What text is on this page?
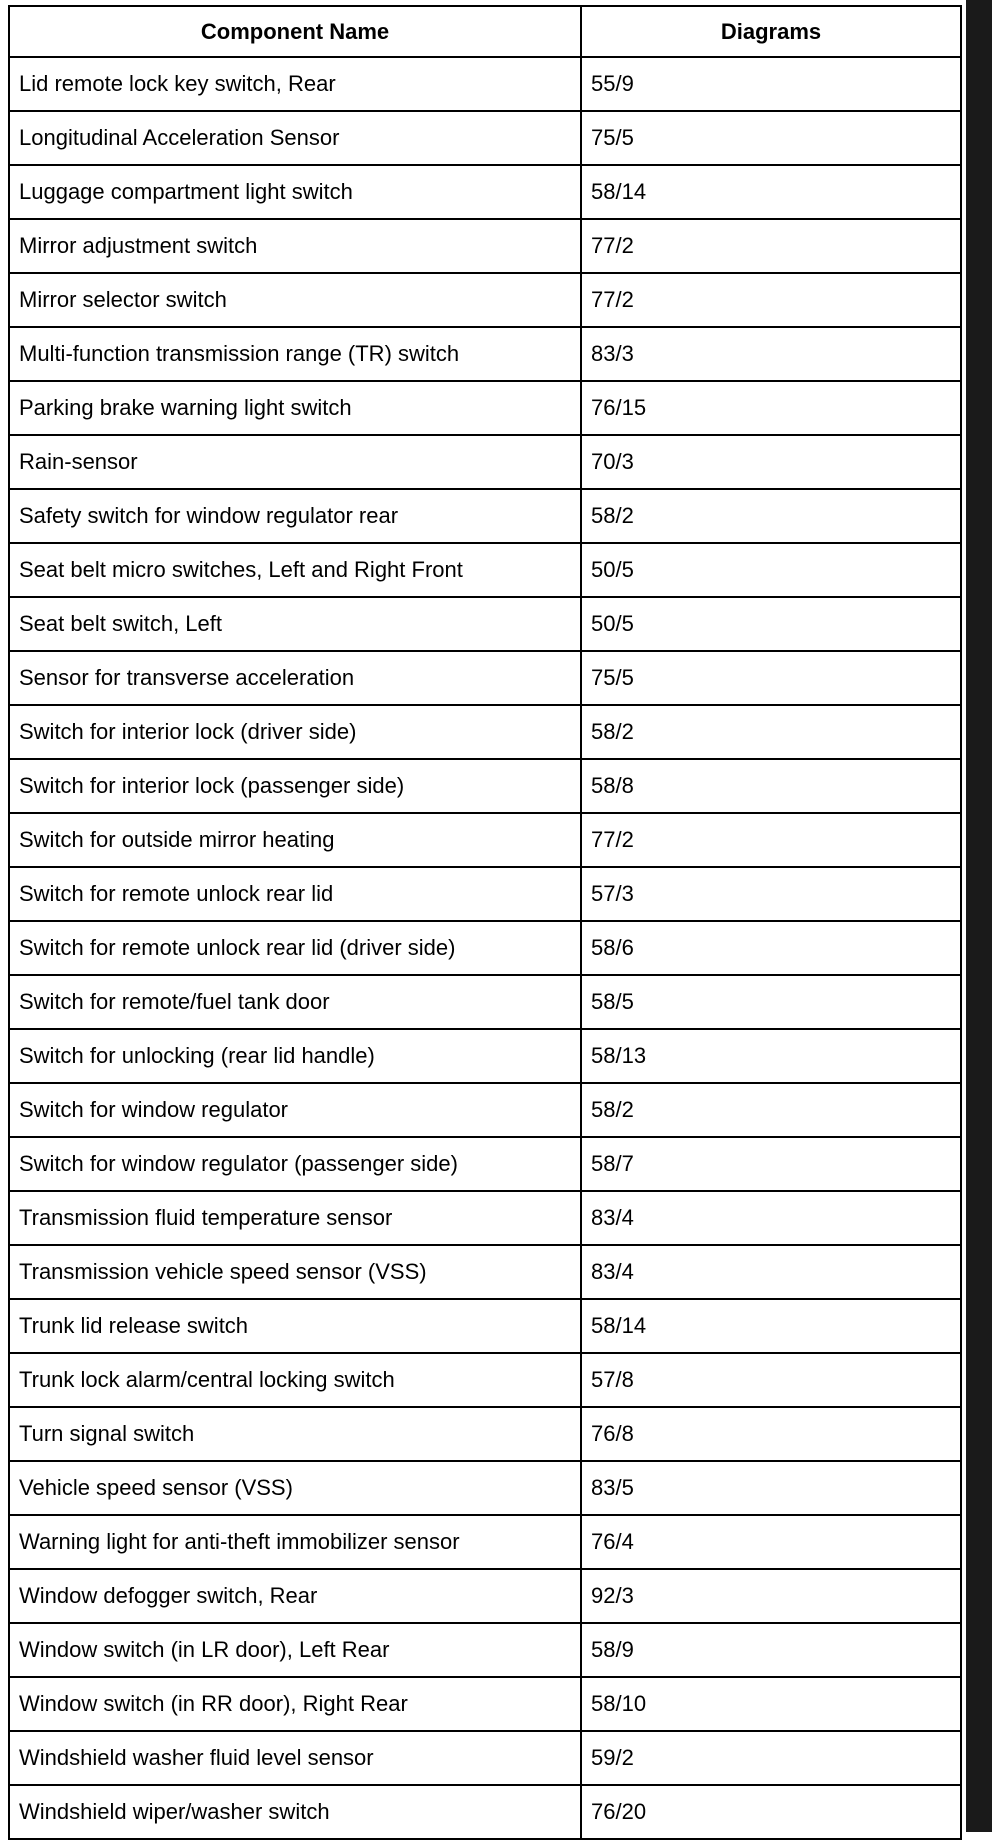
Component Name	Diagrams
Lid remote lock key switch, Rear	55/9
Longitudinal Acceleration Sensor	75/5
Luggage compartment light switch	58/14
Mirror adjustment switch	77/2
Mirror selector switch	77/2
Multi-function transmission range (TR) switch	83/3
Parking brake warning light switch	76/15
Rain-sensor	70/3
Safety switch for window regulator rear	58/2
Seat belt micro switches, Left and Right Front	50/5
Seat belt switch, Left	50/5
Sensor for transverse acceleration	75/5
Switch for interior lock (driver side)	58/2
Switch for interior lock (passenger side)	58/8
Switch for outside mirror heating	77/2
Switch for remote unlock rear lid	57/3
Switch for remote unlock rear lid (driver side)	58/6
Switch for remote/fuel tank door	58/5
Switch for unlocking (rear lid handle)	58/13
Switch for window regulator	58/2
Switch for window regulator (passenger side)	58/7
Transmission fluid temperature sensor	83/4
Transmission vehicle speed sensor (VSS)	83/4
Trunk lid release switch	58/14
Trunk lock alarm/central locking switch	57/8
Turn signal switch	76/8
Vehicle speed sensor (VSS)	83/5
Warning light for anti-theft immobilizer sensor	76/4
Window defogger switch, Rear	92/3
Window switch (in LR door), Left Rear	58/9
Window switch (in RR door), Right Rear	58/10
Windshield washer fluid level sensor	59/2
Windshield wiper/washer switch	76/20
